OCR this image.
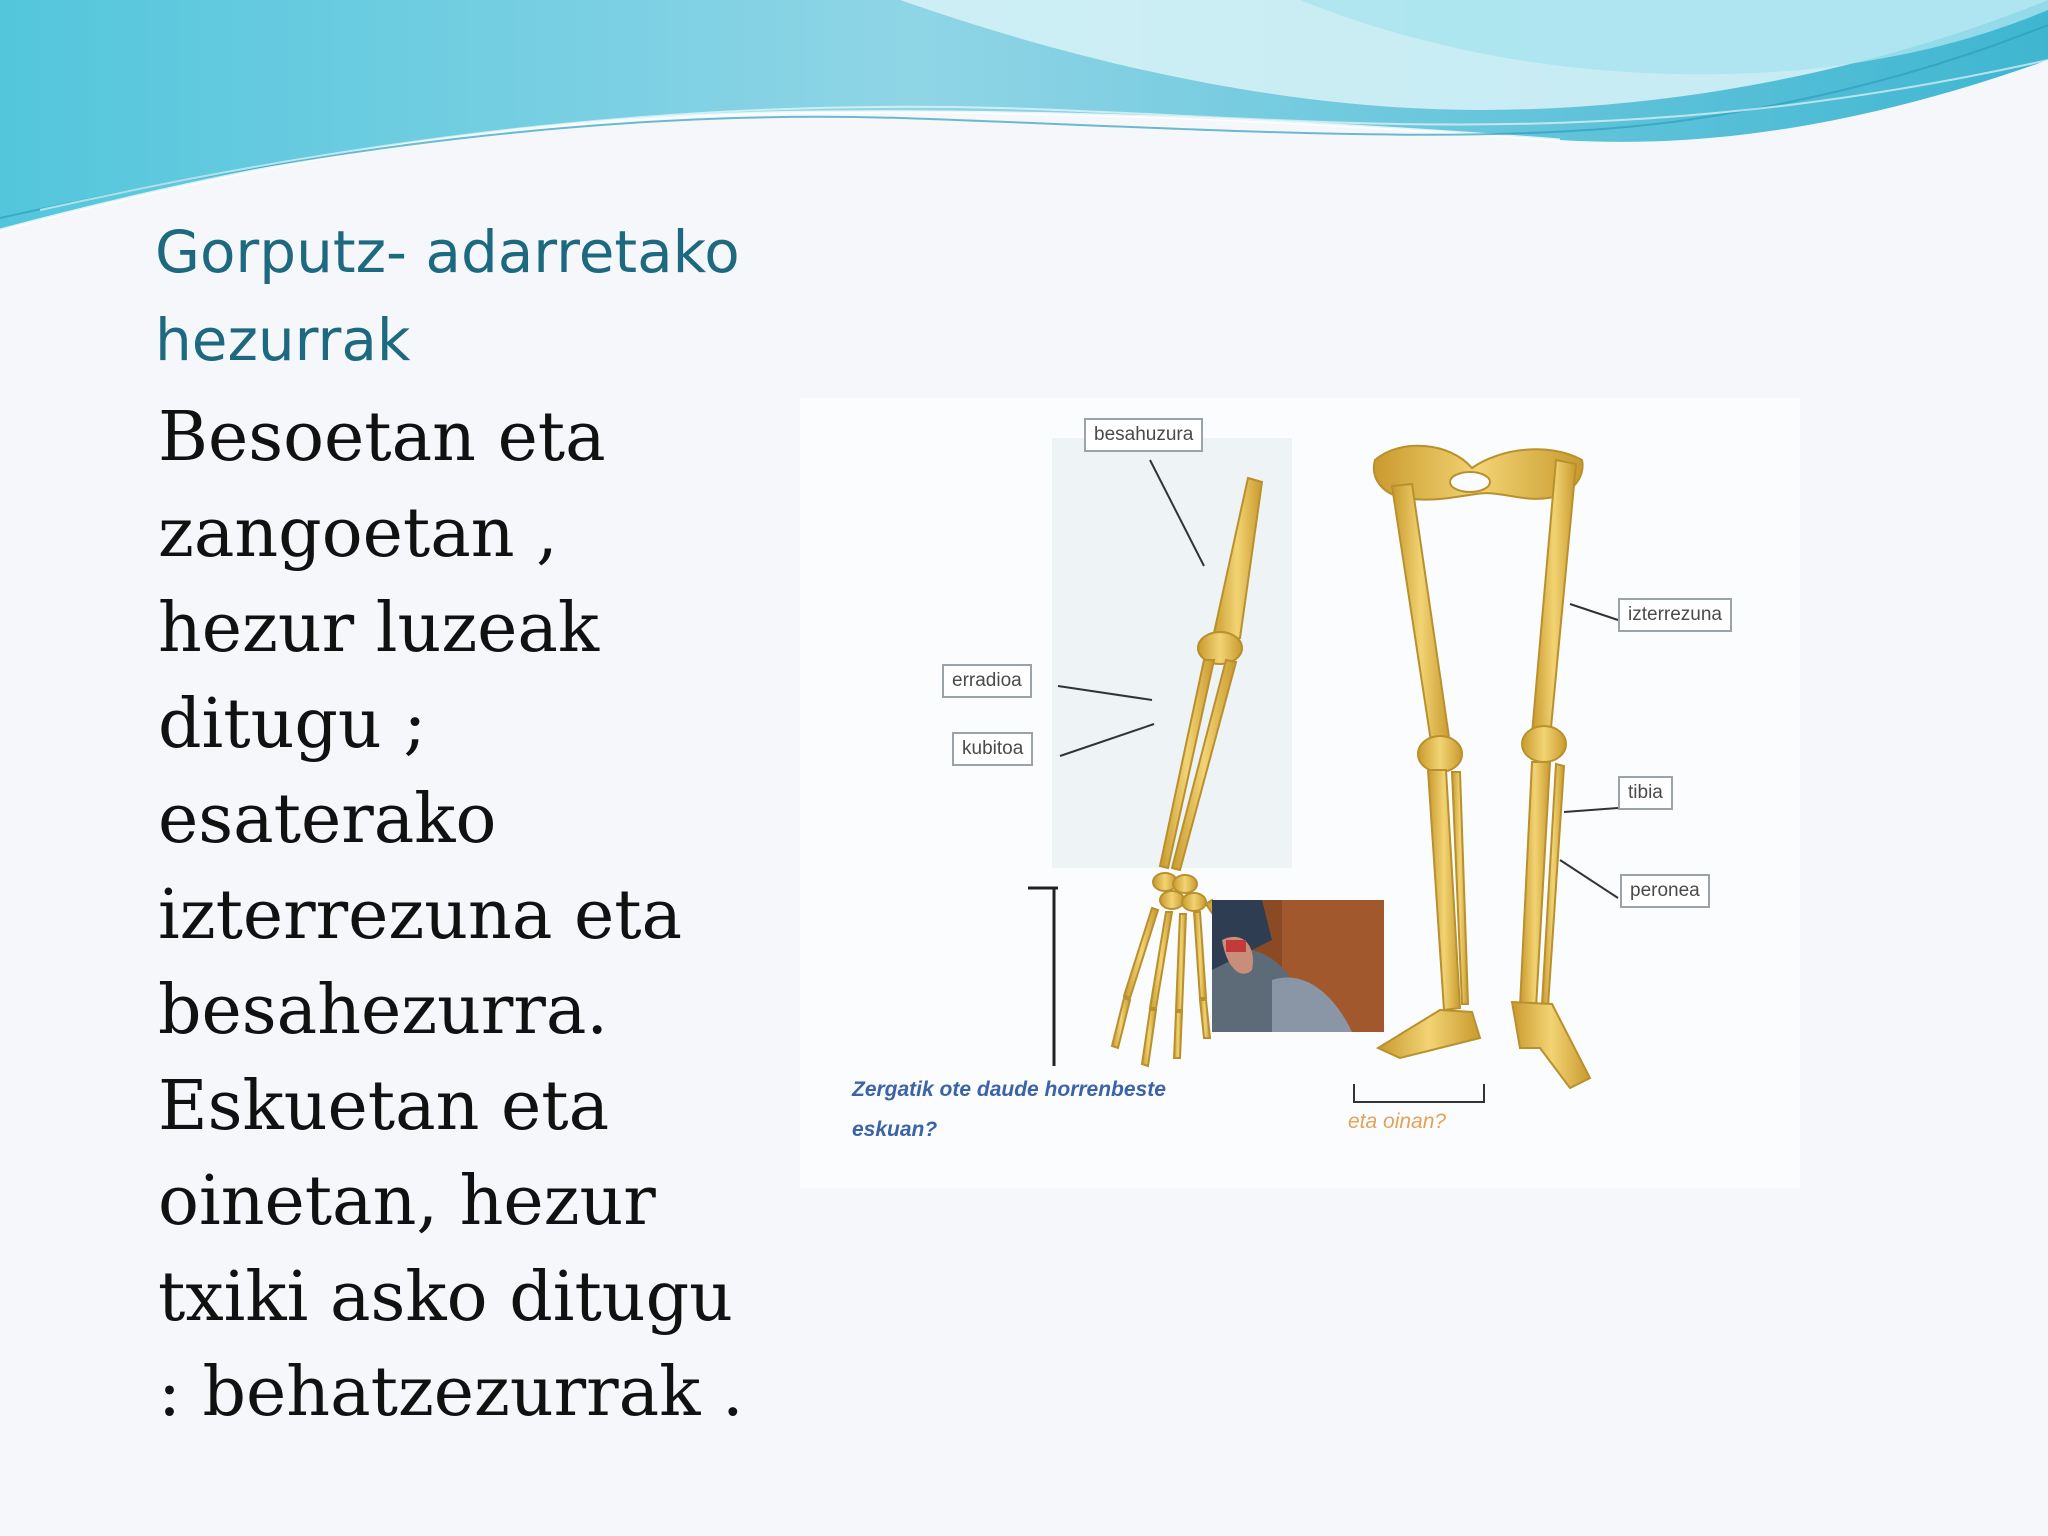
Gorputz- adarretako
hezurrak

Besoetan eta
zangoetan ,
hezur luzeak
ditugu ;
esaterako
izterrezuna eta
besahezurra.
Eskuetan eta
oinetan, hezur
txiki asko ditugu
: behatzezurrak .

besahuzura
erradioa
kubitoa
izterrezuna
tibia
peronea
Zergatik ote daude horrenbeste
eskuan?	eta oinan?
